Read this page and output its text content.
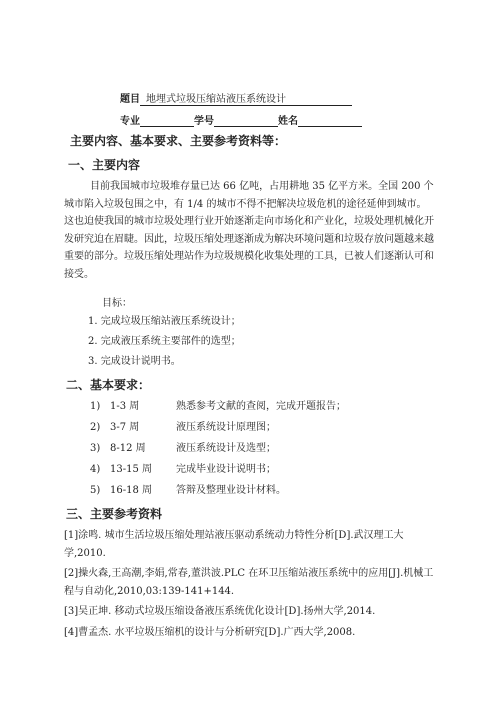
题目 地埋式垃圾压缩站液压系统设计
专业	学号	姓名
主要内容、基本要求、主要参考资料等：
一、主要内容

目前我国城市垃圾堆存量已达 66 亿吨，占用耕地 35 亿平方米。全国 200 个城市陷入垃圾包围之中，有 1/4 的城市不得不把解决垃圾危机的途径延伸到城市。这也迫使我国的城市垃圾处理行业开始逐渐走向市场化和产业化，垃圾处理机械化开发研究迫在眉睫。因此，垃圾压缩处理逐渐成为解决环境问题和垃圾存放问题越来越重要的部分。垃圾压缩处理站作为垃圾规模化收集处理的工具，已被人们逐渐认可和接受。

目标：
1. 完成垃圾压缩站液压系统设计；
2. 完成液压系统主要部件的选型；
3. 完成设计说明书。
二、基本要求：
1) 1-3 周	熟悉参考文献的查阅，完成开题报告；
2) 3-7 周	液压系统设计原理图；
3) 8-12 周	液压系统设计及选型；
4) 13-15 周 完成毕业设计说明书；
5) 16-18 周 答辩及整理业设计材料。
三、主要参考资料

[1]涂鸣. 城市生活垃圾压缩处理站液压驱动系统动力特性分析[D].武汉理工大学,2010.

[2]操火森,王高潮,李娟,常春,董洪波.PLC 在环卫压缩站液压系统中的应用[J].机械工程与自动化,2010,03:139-141+144.

[3]吴正坤. 移动式垃圾压缩设备液压系统优化设计[D].扬州大学,2014.

[4]曹孟杰. 水平垃圾压缩机的设计与分析研究[D].广西大学,2008.
